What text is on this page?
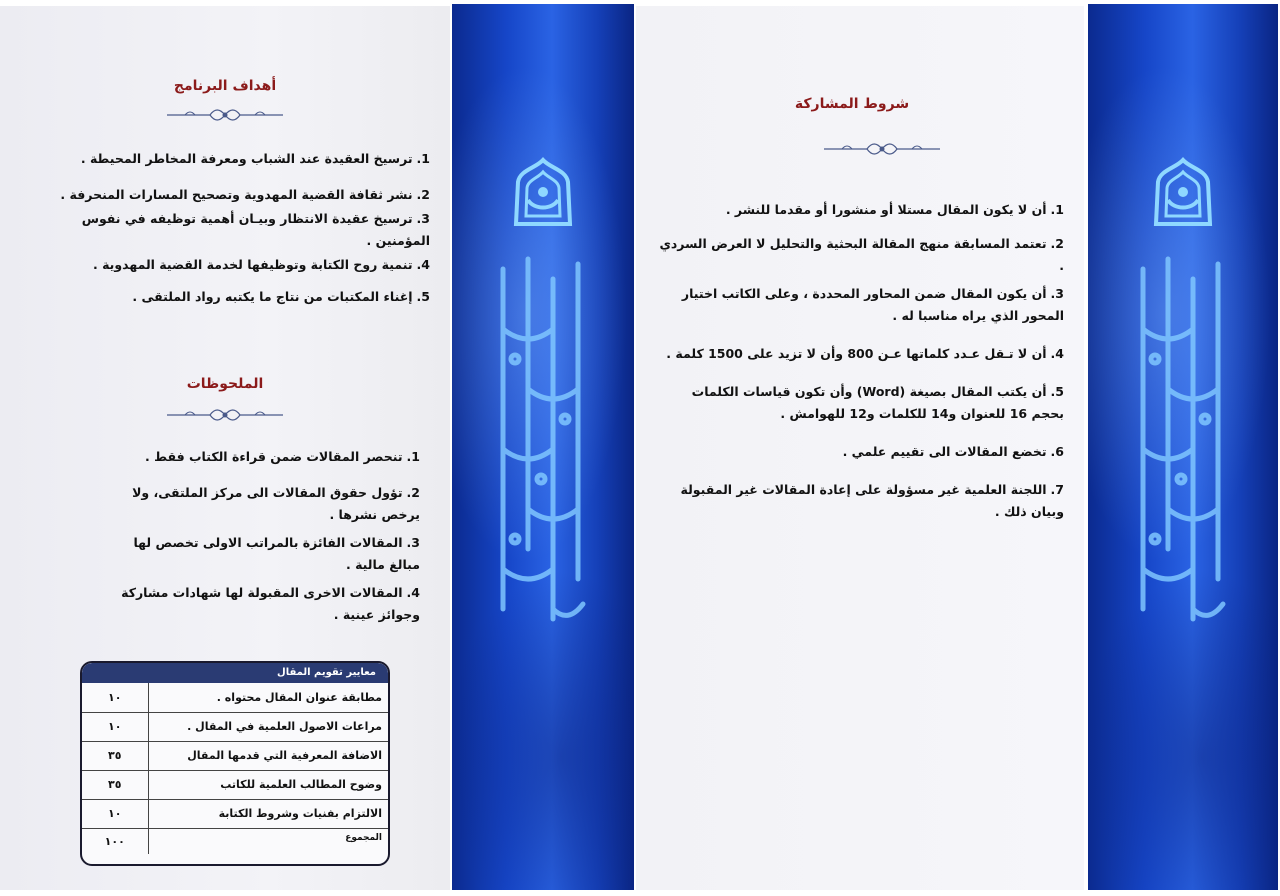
أهداف البرنامج
1.ترسيخ العقيدة عند الشباب ومعرفة المخاطر المحيطة .
2.نشر ثقافة القضية المهدوية وتصحيح المسارات المنحرفة .
3.ترسيخ عقيدة الانتظار وبيـان أهمية توظيفه في نفوس المؤمنين .
4.تنمية روح الكتابة وتوظيفها لخدمة القضية المهدوية .
5.إغناء المكتبات من نتاج ما يكتبه رواد الملتقى .
الملحوظات
1.تنحصر المقالات ضمن قراءة الكتاب فقط .
2.تؤول حقوق المقالات الى مركز الملتقى، ولا يرخص نشرها .
3.المقالات الفائزة بالمراتب الاولى تخصص لها مبالغ مالية .
4.المقالات الاخرى المقبولة لها شهادات مشاركة وجوائز عينية .
معايير تقويم المقال
مطابقة عنوان المقال محتواه .	١٠
مراعات الاصول العلمية في المقال .	١٠
الاضافة المعرفية التي قدمها المقال	٣٥
وضوح المطالب العلمية للكاتب	٣٥
الالتزام بفنيات وشروط الكتابة	١٠
المجموع	١٠٠
شروط المشاركة
1.أن لا يكون المقال مستلا أو منشورا أو مقدما للنشر .
2.تعتمد المسابقة منهج المقالة البحثية والتحليل لا العرض السردي .
3.أن يكون المقال ضمن المحاور المحددة ، وعلى الكاتب اختيار المحور الذي يراه مناسبا له .
4.أن لا تـقل عـدد كلماتها عـن 800 وأن لا تزيد على 1500 كلمة .
5.أن يكتب المقال بصيغة (Word) وأن تكون قياسات الكلمات بحجم 16 للعنوان و14 للكلمات و12 للهوامش .
6.تخضع المقالات الى تقييم علمي .
7.اللجنة العلمية غير مسؤولة على إعادة المقالات غير المقبولة وبيان ذلك .
